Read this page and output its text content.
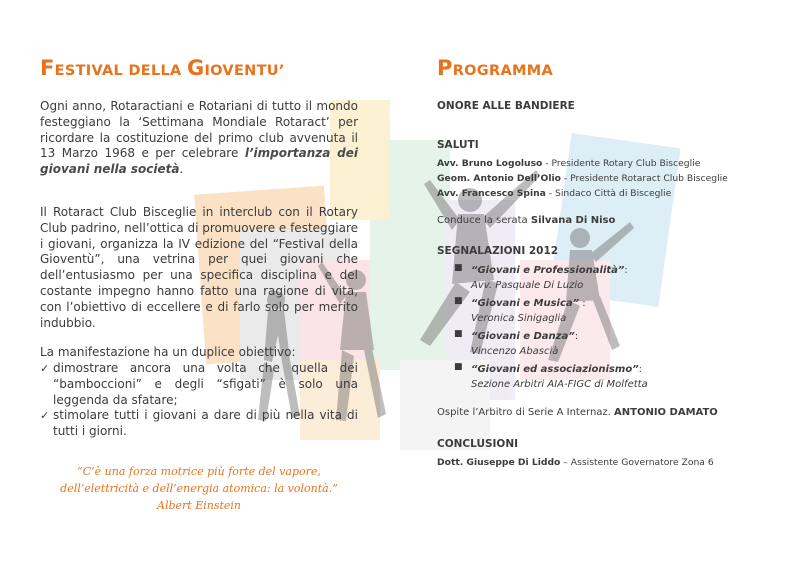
FESTIVAL DELLA GIOVENTU’

Ogni anno, Rotaractiani e Rotariani di tutto il mondo festeggiano la ‘Settimana Mondiale Rotaract’ per ricordare la costituzione del primo club avvenuta il 13 Marzo 1968 e per celebrare l’importanza dei giovani nella società.

Il Rotaract Club Bisceglie in interclub con il Rotary Club padrino, nell’ottica di promuovere e festeggiare i giovani, organizza la IV edizione del “Festival della Gioventù”, una vetrina per quei giovani che dell’entusiasmo per una specifica disciplina e del costante impegno hanno fatto una ragione di vita, con l’obiettivo di eccellere e di farlo solo per merito indubbio.

La manifestazione ha un duplice obiettivo:

✓ dimostrare ancora una volta che quella dei “bamboccioni” e degli “sfigati” è solo una leggenda da sfatare;
✓ stimolare tutti i giovani a dare di più nella vita di tutti i giorni.
“C’è una forza motrice più forte del vapore,
dell’elettricità e dell’energia atomica: la volontà.”
Albert Einstein
PROGRAMMA
ONORE ALLE BANDIERE
SALUTI
Avv. Bruno Logoluso - Presidente Rotary Club Bisceglie
Geom. Antonio Dell’Olio - Presidente Rotaract Club Bisceglie
Avv. Francesco Spina - Sindaco Città di Bisceglie
Conduce la serata Silvana Di Niso
SEGNALAZIONI 2012
■ “Giovani e Professionalità”:
Avv. Pasquale Di Luzio
■ “Giovani e Musica” :
Veronica Sinigaglia
■ “Giovani e Danza”:
Vincenzo Abascià
■ “Giovani ed associazionismo”:
Sezione Arbitri AIA-FIGC di Molfetta
Ospite l’Arbitro di Serie A Internaz. ANTONIO DAMATO
CONCLUSIONI
Dott. Giuseppe Di Liddo – Assistente Governatore Zona 6
